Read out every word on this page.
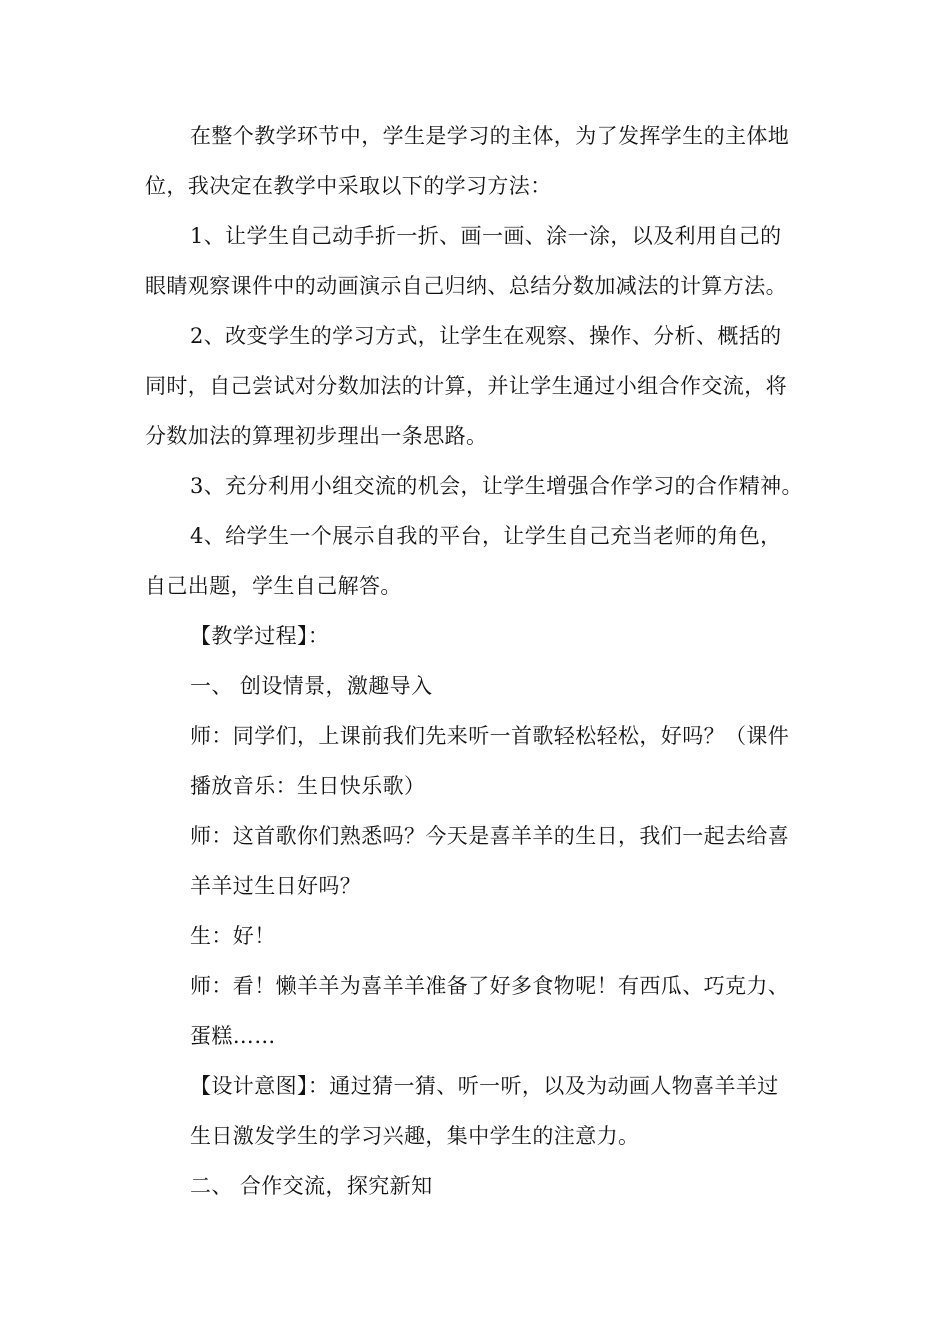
在整个教学环节中，学生是学习的主体，为了发挥学生的主体地
位，我决定在教学中采取以下的学习方法：
1、让学生自己动手折一折、画一画、涂一涂，以及利用自己的
眼睛观察课件中的动画演示自己归纳、总结分数加减法的计算方法。
2、改变学生的学习方式，让学生在观察、操作、分析、概括的
同时，自己尝试对分数加法的计算，并让学生通过小组合作交流，将
分数加法的算理初步理出一条思路。
3、充分利用小组交流的机会，让学生增强合作学习的合作精神。
4、给学生一个展示自我的平台，让学生自己充当老师的角色，
自己出题，学生自己解答。
【教学过程】：
一、 创设情景，激趣导入
师：同学们，上课前我们先来听一首歌轻松轻松，好吗？（课件
播放音乐：生日快乐歌）
师：这首歌你们熟悉吗？今天是喜羊羊的生日，我们一起去给喜
羊羊过生日好吗？
生：好！
师：看！懒羊羊为喜羊羊准备了好多食物呢！有西瓜、巧克力、
蛋糕……
【设计意图】：通过猜一猜、听一听，以及为动画人物喜羊羊过
生日激发学生的学习兴趣，集中学生的注意力。
二、 合作交流，探究新知
